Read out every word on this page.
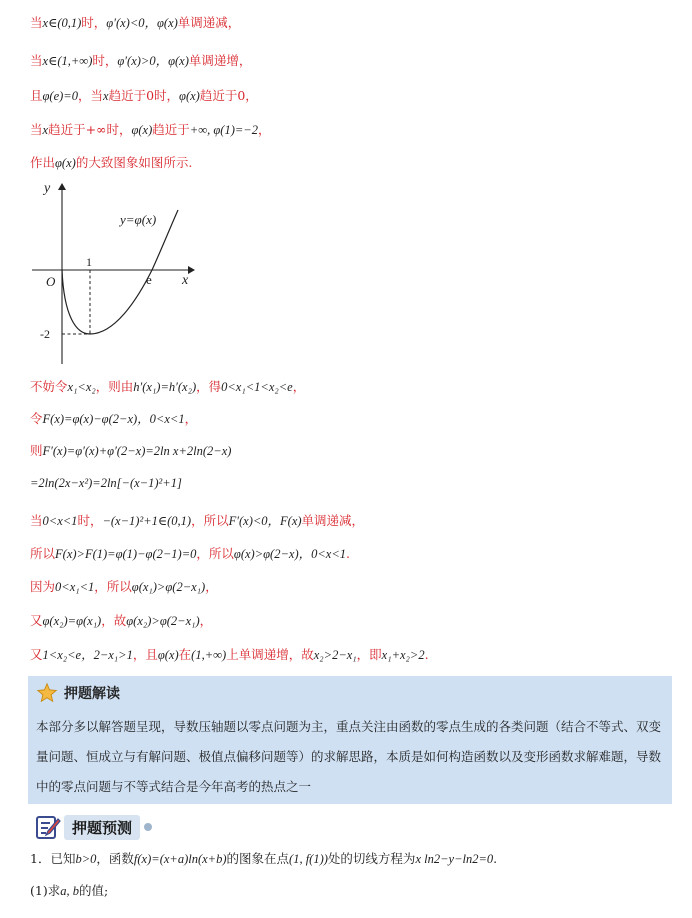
当x∈(0,1)时，φ′(x)<0，φ(x)单调递减，
当x∈(1,+∞)时，φ′(x)>0，φ(x)单调递增，
且φ(e)=0，当x趋近于0时，φ(x)趋近于0，
当x趋近于+∞时，φ(x)趋近于+∞, φ(1)=−2，
作出φ(x)的大致图象如图所示.
y
x
O
1
e
-2
y=φ(x)
不妨令x₁<x₂，则由h′(x₁)=h′(x₂)，得0<x₁<1<x₂<e，
令F(x)=φ(x)−φ(2−x)，0<x<1，
则F′(x)=φ′(x)+φ′(2−x)=2ln x+2ln(2−x)
=2ln(2x−x²)=2ln[−(x−1)²+1]
当0<x<1时，−(x−1)²+1∈(0,1)，所以F′(x)<0，F(x)单调递减，
所以F(x)>F(1)=φ(1)−φ(2−1)=0，所以φ(x)>φ(2−x)，0<x<1.
因为0<x₁<1，所以φ(x₁)>φ(2−x₁)，
又φ(x₂)=φ(x₁)，故φ(x₂)>φ(2−x₁)，
又1<x₂<e，2−x₁>1，且φ(x)在(1,+∞)上单调递增，故x₂>2−x₁，即x₁+x₂>2.
押题解读
本部分多以解答题呈现，导数压轴题以零点问题为主，重点关注由函数的零点生成的各类问题（结合不等式、双变量问题、恒成立与有解问题、极值点偏移问题等）的求解思路，本质是如何构造函数以及变形函数求解难题，导数中的零点问题与不等式结合是今年高考的热点之一
押题预测
1．已知b>0，函数f(x)=(x+a)ln(x+b)的图象在点(1, f(1))处的切线方程为x ln2−y−ln2=0.
(1)求a, b的值;
